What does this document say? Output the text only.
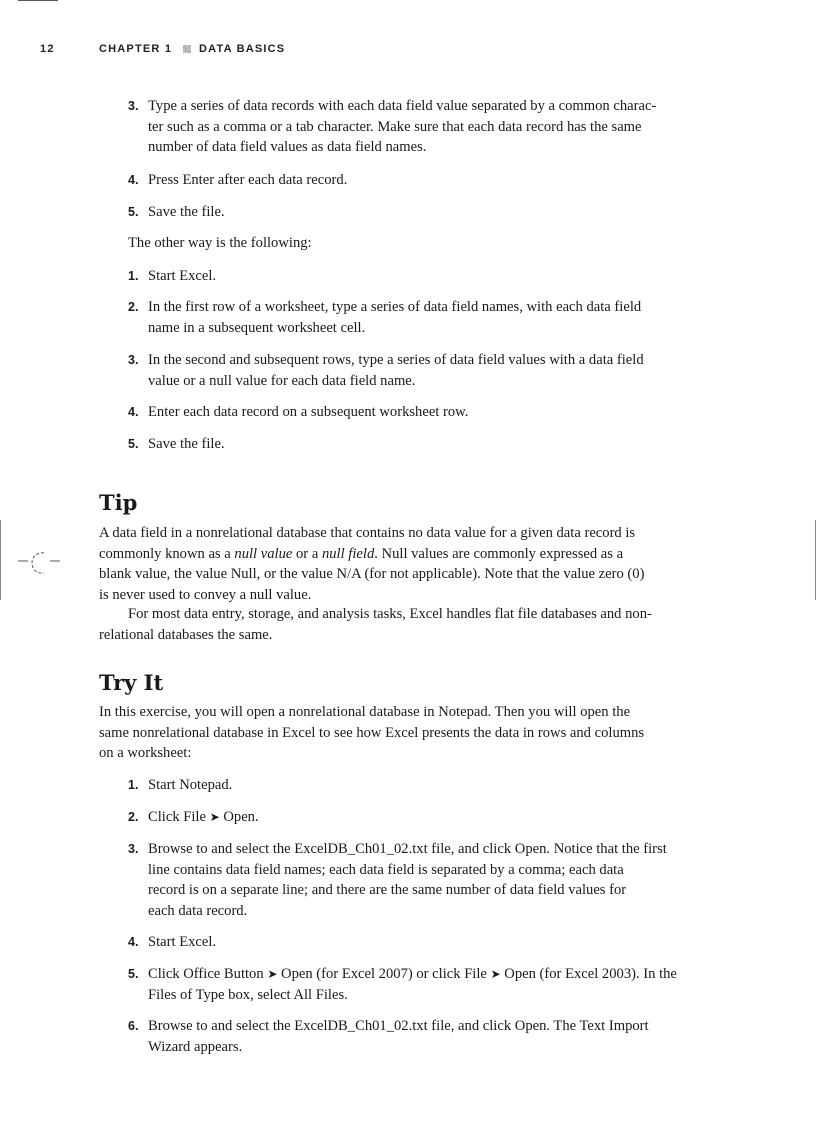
12	CHAPTER 1 DATA BASICS
3. Type a series of data records with each data field value separated by a common charac-
ter such as a comma or a tab character. Make sure that each data record has the same
number of data field values as data field names.
4. Press Enter after each data record.
5. Save the file.
The other way is the following:
1. Start Excel.
2. In the first row of a worksheet, type a series of data field names, with each data field
name in a subsequent worksheet cell.
3. In the second and subsequent rows, type a series of data field values with a data field
value or a null value for each data field name.
4. Enter each data record on a subsequent worksheet row.
5. Save the file.
Tip
A data field in a nonrelational database that contains no data value for a given data record is
commonly known as a null value or a null field. Null values are commonly expressed as a
blank value, the value Null, or the value N/A (for not applicable). Note that the value zero (0)
is never used to convey a null value.
For most data entry, storage, and analysis tasks, Excel handles flat file databases and non-
relational databases the same.
Try It
In this exercise, you will open a nonrelational database in Notepad. Then you will open the
same nonrelational database in Excel to see how Excel presents the data in rows and columns
on a worksheet:
1. Start Notepad.
2. Click File ➤ Open.
3. Browse to and select the ExcelDB_Ch01_02.txt file, and click Open. Notice that the first
line contains data field names; each data field is separated by a comma; each data
record is on a separate line; and there are the same number of data field values for
each data record.
4. Start Excel.
5. Click Office Button ➤ Open (for Excel 2007) or click File ➤ Open (for Excel 2003). In the
Files of Type box, select All Files.
6. Browse to and select the ExcelDB_Ch01_02.txt file, and click Open. The Text Import
Wizard appears.
